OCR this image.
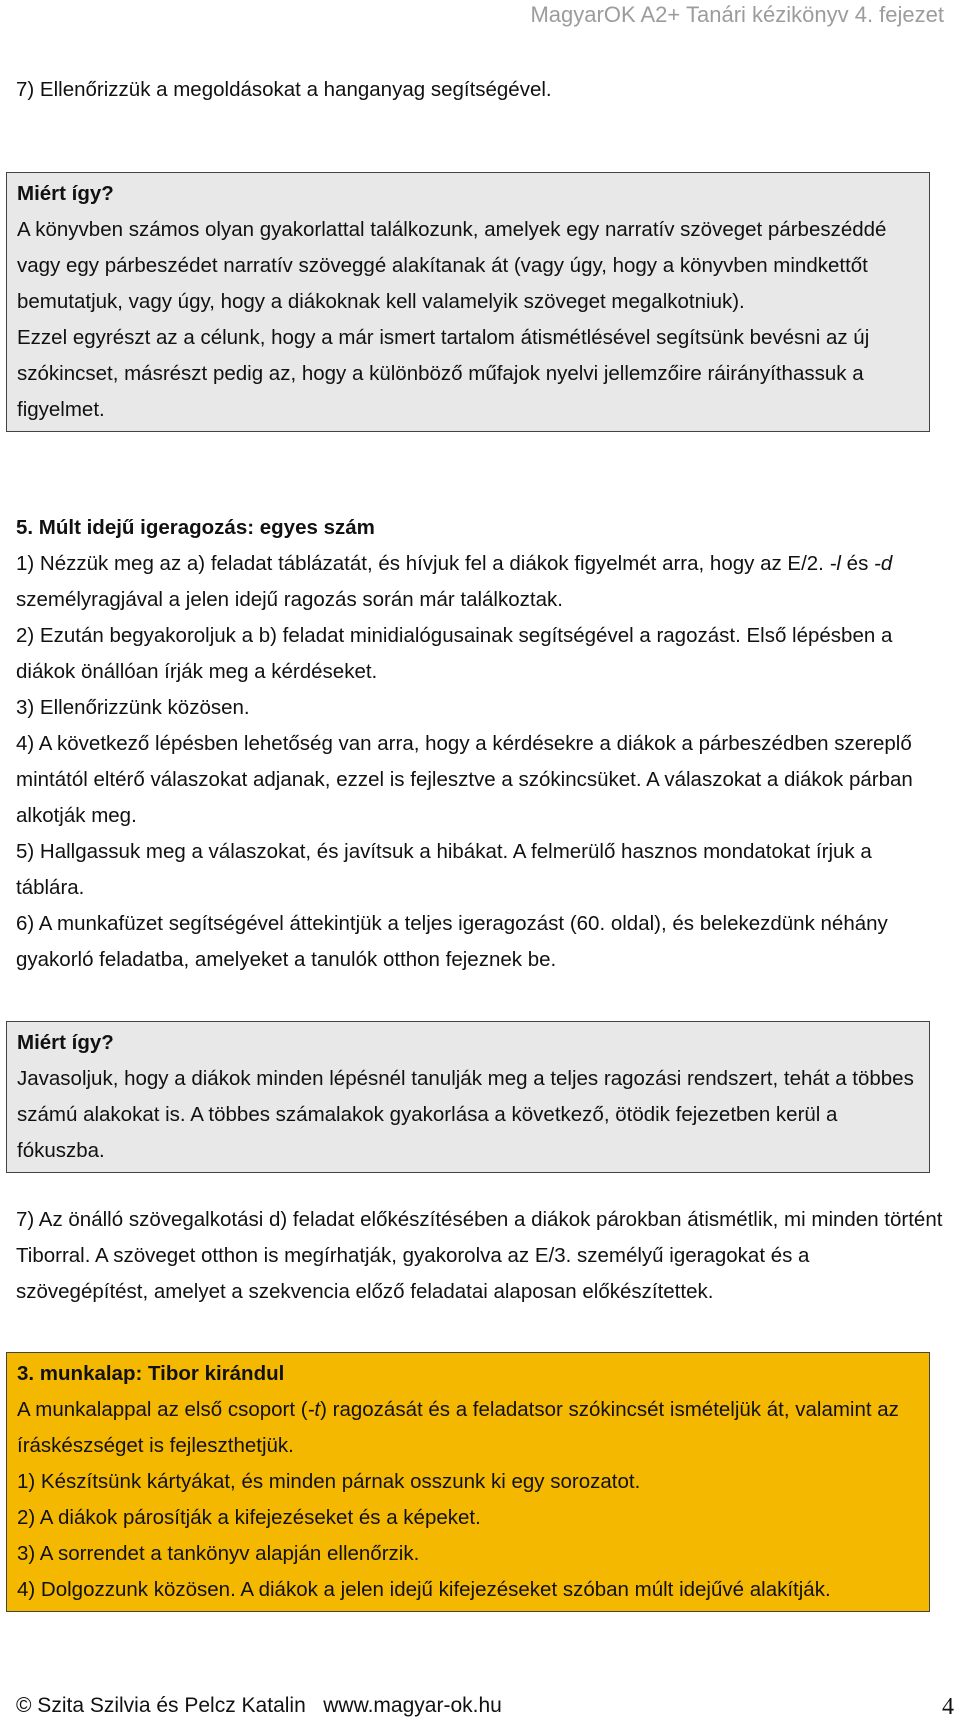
MagyarOK A2+ Tanári kézikönyv 4. fejezet
7) Ellenőrizzük a megoldásokat a hanganyag segítségével.

Miért így?

A könyvben számos olyan gyakorlattal találkozunk, amelyek egy narratív szöveget párbeszéddé vagy egy párbeszédet narratív szöveggé alakítanak át (vagy úgy, hogy a könyvben mindkettőt bemutatjuk, vagy úgy, hogy a diákoknak kell valamelyik szöveget megalkotniuk).

Ezzel egyrészt az a célunk, hogy a már ismert tartalom átismétlésével segítsünk bevésni az új szókincset, másrészt pedig az, hogy a különböző műfajok nyelvi jellemzőire ráirányíthassuk a figyelmet.

5. Múlt idejű igeragozás: egyes szám

1) Nézzük meg az a) feladat táblázatát, és hívjuk fel a diákok figyelmét arra, hogy az E/2. -l és -d személyragjával a jelen idejű ragozás során már találkoztak.

2) Ezután begyakoroljuk a b) feladat minidialógusainak segítségével a ragozást. Első lépésben a diákok önállóan írják meg a kérdéseket.

3) Ellenőrizzünk közösen.

4) A következő lépésben lehetőség van arra, hogy a kérdésekre a diákok a párbeszédben szereplő mintától eltérő válaszokat adjanak, ezzel is fejlesztve a szókincsüket. A válaszokat a diákok párban alkotják meg.

5) Hallgassuk meg a válaszokat, és javítsuk a hibákat. A felmerülő hasznos mondatokat írjuk a táblára.

6) A munkafüzet segítségével áttekintjük a teljes igeragozást (60. oldal), és belekezdünk néhány gyakorló feladatba, amelyeket a tanulók otthon fejeznek be.

Miért így?

Javasoljuk, hogy a diákok minden lépésnél tanulják meg a teljes ragozási rendszert, tehát a többes számú alakokat is. A többes számalakok gyakorlása a következő, ötödik fejezetben kerül a fókuszba.

7) Az önálló szövegalkotási d) feladat előkészítésében a diákok párokban átismétlik, mi minden történt Tiborral. A szöveget otthon is megírhatják, gyakorolva az E/3. személyű igeragokat és a szövegépítést, amelyet a szekvencia előző feladatai alaposan előkészítettek.

3. munkalap: Tibor kirándul

A munkalappal az első csoport (-t) ragozását és a feladatsor szókincsét ismételjük át, valamint az íráskészséget is fejleszthetjük.

1) Készítsünk kártyákat, és minden párnak osszunk ki egy sorozatot.

2) A diákok párosítják a kifejezéseket és a képeket.

3) A sorrendet a tankönyv alapján ellenőrzik.

4) Dolgozzunk közösen. A diákok a jelen idejű kifejezéseket szóban múlt idejűvé alakítják.

© Szita Szilvia és Pelcz Katalin   www.magyar-ok.hu	4
